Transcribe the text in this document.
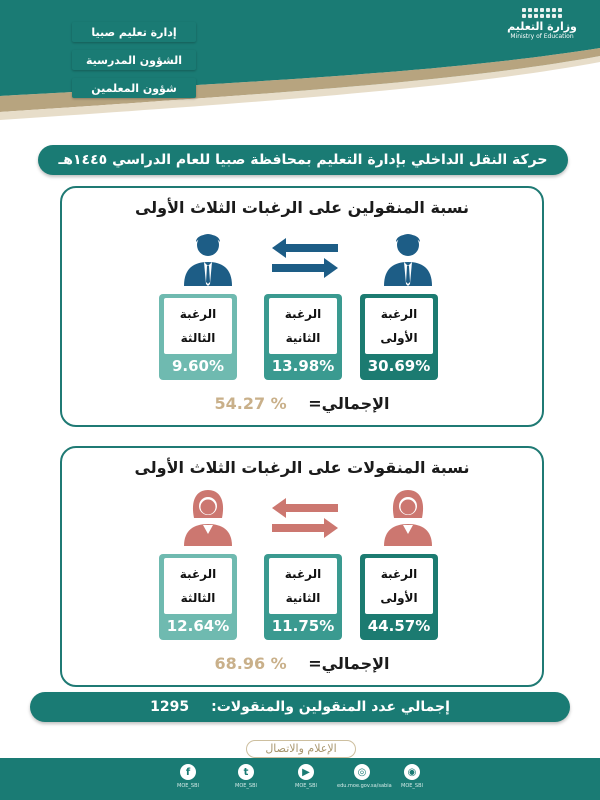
إدارة تعليم صبيا
الشؤون المدرسية
شؤون المعلمين
وزارة التعليم
Ministry of Education
حركة النقل الداخلي بإدارة التعليم بمحافظة صبيا للعام الدراسي ١٤٤٥هـ
نسبة المنقولين على الرغبات الثلاث الأولى
الرغبة
الأولى
30.69%
الرغبة
الثانية
13.98%
الرغبة
الثالثة
9.60%
الإجمالي= 54.27 %
نسبة المنقولات على الرغبات الثلاث الأولى
الرغبة
الأولى
44.57%
الرغبة
الثانية
11.75%
الرغبة
الثالثة
12.64%
الإجمالي= 68.96 %
إجمالي عدد المنقولين والمنقولات:
1295
الإعلام والاتصال
f
MOE_SBI
t
MOE_SBI
▶
MOE_SBI
◎
edu.moe.gov.sa/sabia
◉
MOE_SBI
